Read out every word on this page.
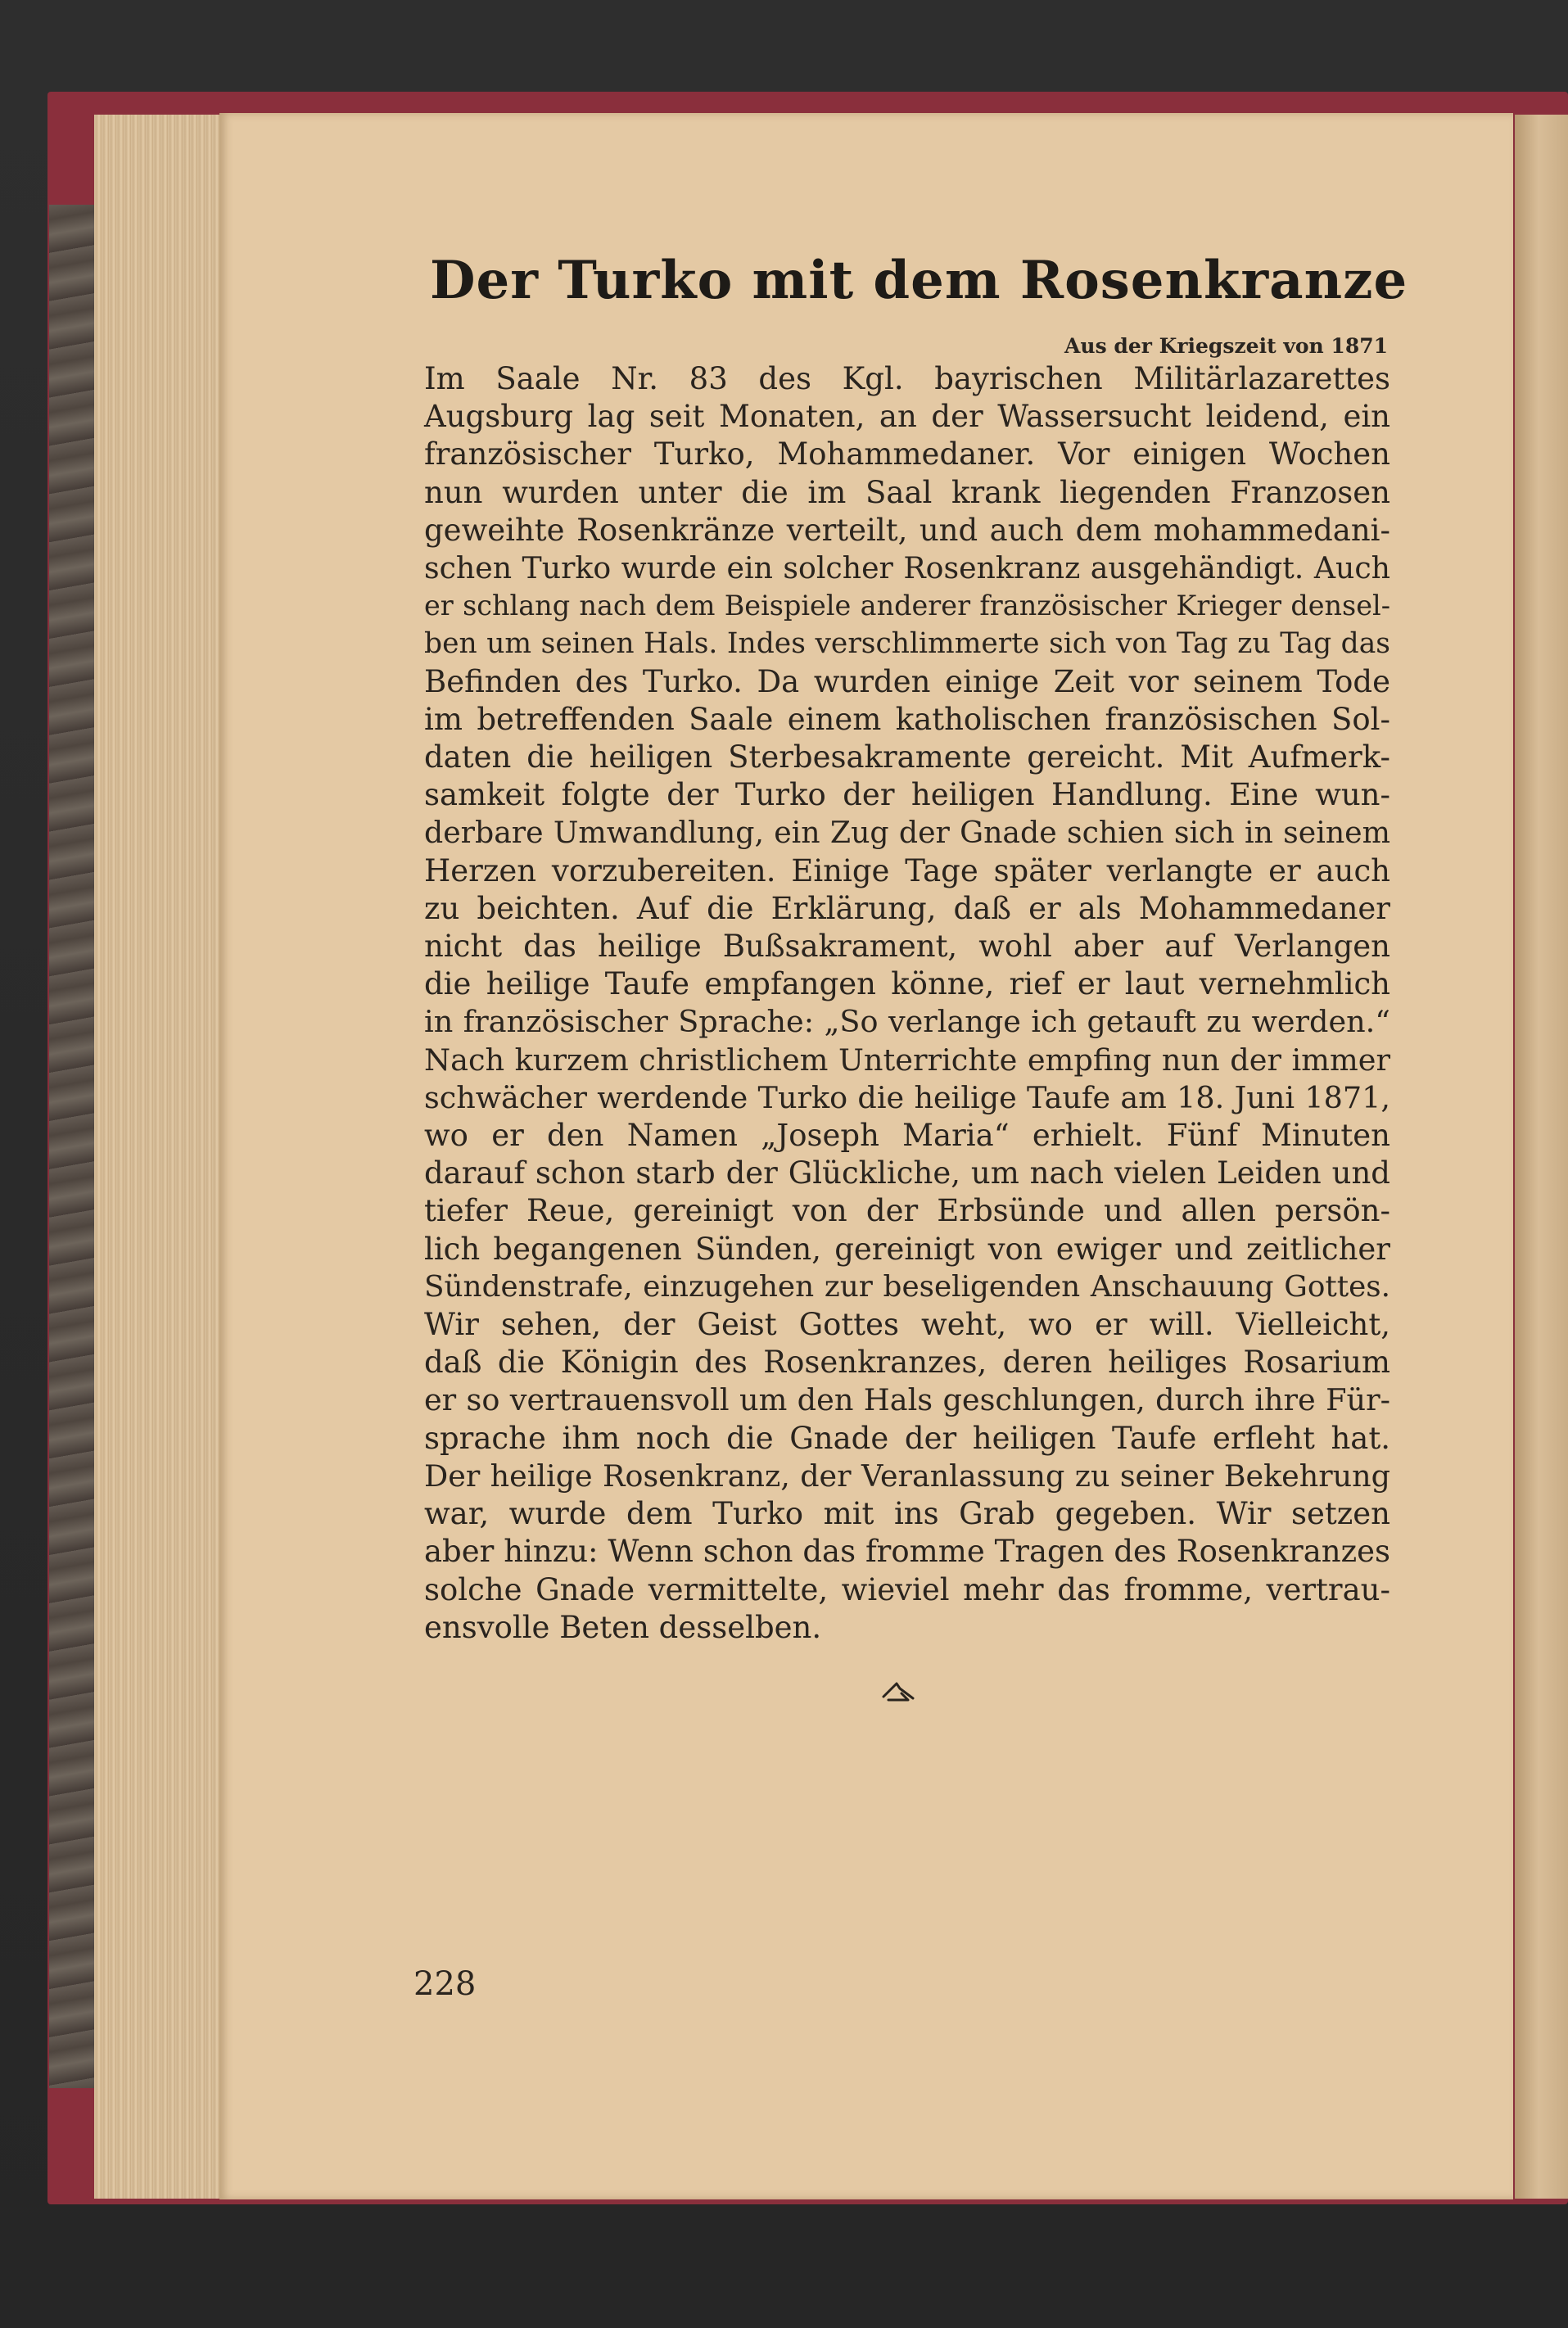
Der Turko mit dem Rosenkranze
Aus der Kriegszeit von 1871
Im Saale Nr. 83 des Kgl. bayrischen Militärlazarettes
Augsburg lag seit Monaten, an der Wassersucht leidend, ein
französischer Turko, Mohammedaner. Vor einigen Wochen
nun wurden unter die im Saal krank liegenden Franzosen
geweihte Rosenkränze verteilt, und auch dem mohammedani-
schen Turko wurde ein solcher Rosenkranz ausgehändigt. Auch
er schlang nach dem Beispiele anderer französischer Krieger densel-
ben um seinen Hals. Indes verschlimmerte sich von Tag zu Tag das
Befinden des Turko. Da wurden einige Zeit vor seinem Tode
im betreffenden Saale einem katholischen französischen Sol-
daten die heiligen Sterbesakramente gereicht. Mit Aufmerk-
samkeit folgte der Turko der heiligen Handlung. Eine wun-
derbare Umwandlung, ein Zug der Gnade schien sich in seinem
Herzen vorzubereiten. Einige Tage später verlangte er auch
zu beichten. Auf die Erklärung, daß er als Mohammedaner
nicht das heilige Bußsakrament, wohl aber auf Verlangen
die heilige Taufe empfangen könne, rief er laut vernehmlich
in französischer Sprache: „So verlange ich getauft zu werden.“
Nach kurzem christlichem Unterrichte empfing nun der immer
schwächer werdende Turko die heilige Taufe am 18. Juni 1871,
wo er den Namen „Joseph Maria“ erhielt. Fünf Minuten
darauf schon starb der Glückliche, um nach vielen Leiden und
tiefer Reue, gereinigt von der Erbsünde und allen persön-
lich begangenen Sünden, gereinigt von ewiger und zeitlicher
Sündenstrafe, einzugehen zur beseligenden Anschauung Gottes.
Wir sehen, der Geist Gottes weht, wo er will. Vielleicht,
daß die Königin des Rosenkranzes, deren heiliges Rosarium
er so vertrauensvoll um den Hals geschlungen, durch ihre Für-
sprache ihm noch die Gnade der heiligen Taufe erfleht hat.
Der heilige Rosenkranz, der Veranlassung zu seiner Bekehrung
war, wurde dem Turko mit ins Grab gegeben. Wir setzen
aber hinzu: Wenn schon das fromme Tragen des Rosenkranzes
solche Gnade vermittelte, wieviel mehr das fromme, vertrau-
ensvolle Beten desselben.
228
